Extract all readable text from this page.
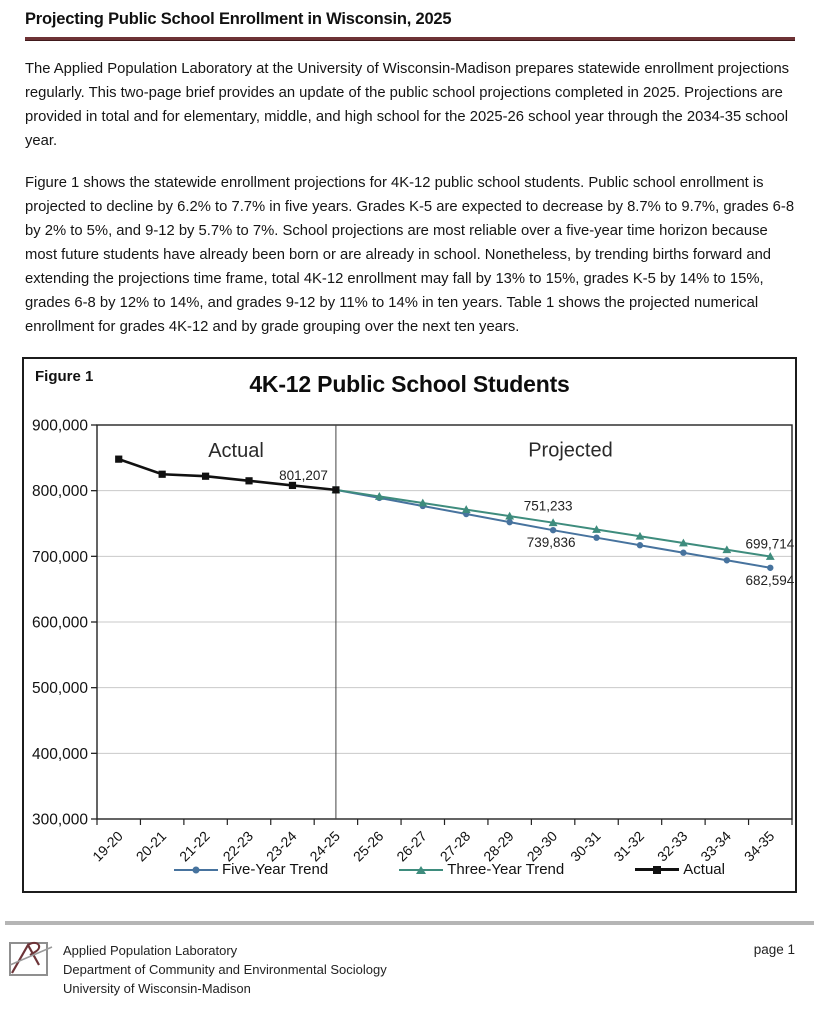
Projecting Public School Enrollment in Wisconsin, 2025

The Applied Population Laboratory at the University of Wisconsin-Madison prepares statewide enrollment projections regularly. This two-page brief provides an update of the public school projections completed in 2025. Projections are provided in total and for elementary, middle, and high school for the 2025-26 school year through the 2034-35 school year.

Figure 1 shows the statewide enrollment projections for 4K-12 public school students. Public school enrollment is projected to decline by 6.2% to 7.7% in five years. Grades K-5 are expected to decrease by 8.7% to 9.7%, grades 6-8 by 2% to 5%, and 9-12 by 5.7% to 7%. School projections are most reliable over a five-year time horizon because most future students have already been born or are already in school. Nonetheless, by trending births forward and extending the projections time frame, total 4K-12 enrollment may fall by 13% to 15%, grades K-5 by 14% to 15%, grades 6-8 by 12% to 14%, and grades 9-12 by 11% to 14% in ten years. Table 1 shows the projected numerical enrollment for grades 4K-12 and by grade grouping over the next ten years.

Figure 1	4K-12 Public School Students
300,000
400,000
500,000
600,000
700,000
800,000
900,000
19-20 20-21 21-22 22-23 23-24 24-25 25-26 26-27 27-28 28-29 29-30 30-31 31-32 32-33 33-34 34-35
Actual	Projected
801,207
751,233
739,836	699,714
682,594
Five-Year Trend	Three-Year Trend	Actual
Applied Population Laboratory
Department of Community and Environmental Sociology
University of Wisconsin-Madison
page 1
